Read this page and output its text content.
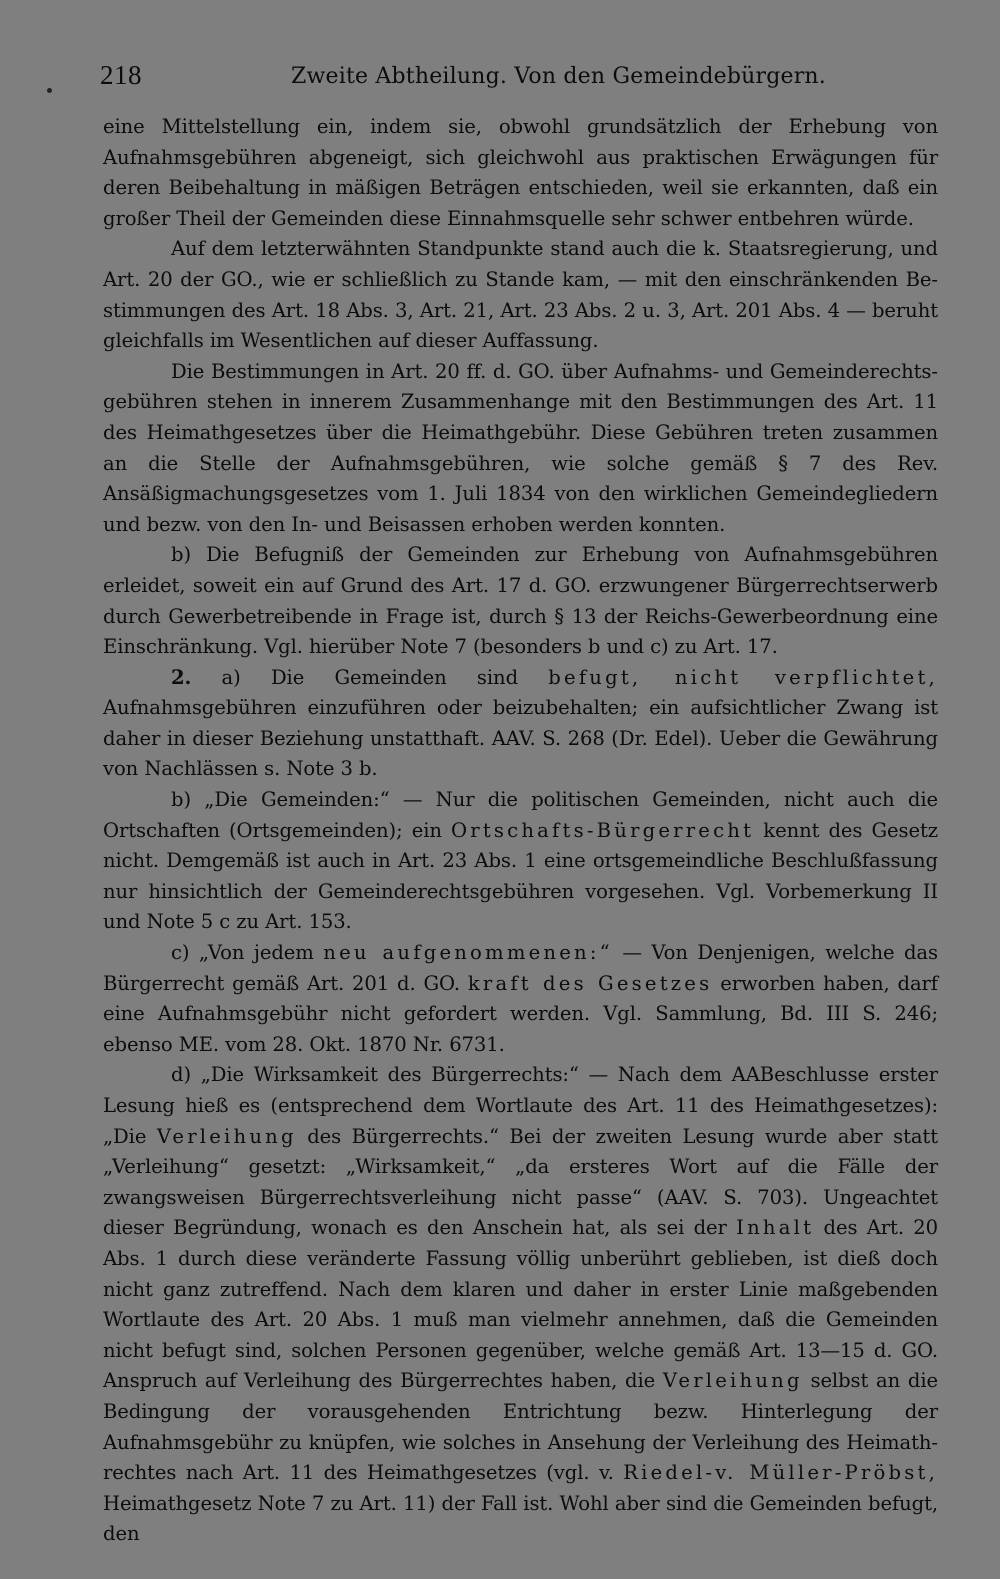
218	Zweite Abtheilung. Von den Gemeindebürgern.

eine Mittelstellung ein, indem sie, obwohl grundsätzlich der Erhebung von Aufnahmsgebühren abgeneigt, sich gleichwohl aus praktischen Erwägungen für deren Beibehaltung in mäßigen Beträgen entschieden, weil sie erkannten, daß ein großer Theil der Gemeinden diese Einnahmsquelle sehr schwer entbehren würde.

Auf dem letzterwähnten Standpunkte stand auch die k. Staatsregierung, und Art. 20 der GO., wie er schließlich zu Stande kam, — mit den einschränkenden Bestimmungen des Art. 18 Abs. 3, Art. 21, Art. 23 Abs. 2 u. 3, Art. 201 Abs. 4 — beruht gleichfalls im Wesentlichen auf dieser Auffassung.

Die Bestimmungen in Art. 20 ff. d. GO. über Aufnahms- und Gemeinderechtsgebühren stehen in innerem Zusammenhange mit den Bestimmungen des Art. 11 des Heimathgesetzes über die Heimathgebühr. Diese Gebühren treten zusammen an die Stelle der Aufnahmsgebühren, wie solche gemäß § 7 des Rev. Ansäßigmachungsgesetzes vom 1. Juli 1834 von den wirklichen Gemeindegliedern und bezw. von den In- und Beisassen erhoben werden konnten.

b) Die Befugniß der Gemeinden zur Erhebung von Aufnahmsgebühren erleidet, soweit ein auf Grund des Art. 17 d. GO. erzwungener Bürgerrechtserwerb durch Gewerbetreibende in Frage ist, durch § 13 der Reichs-Gewerbeordnung eine Einschränkung. Vgl. hierüber Note 7 (besonders b und c) zu Art. 17.

2. a) Die Gemeinden sind befugt, nicht verpflichtet, Aufnahmsgebühren einzuführen oder beizubehalten; ein aufsichtlicher Zwang ist daher in dieser Beziehung unstatthaft. AAV. S. 268 (Dr. Edel). Ueber die Gewährung von Nachlässen s. Note 3 b.

b) „Die Gemeinden:“ — Nur die politischen Gemeinden, nicht auch die Ortschaften (Ortsgemeinden); ein Ortschafts-Bürgerrecht kennt des Gesetz nicht. Demgemäß ist auch in Art. 23 Abs. 1 eine ortsgemeindliche Beschlußfassung nur hinsichtlich der Gemeinderechtsgebühren vorgesehen. Vgl. Vorbemerkung II und Note 5 c zu Art. 153.

c) „Von jedem neu aufgenommenen:“ — Von Denjenigen, welche das Bürgerrecht gemäß Art. 201 d. GO. kraft des Gesetzes erworben haben, darf eine Aufnahmsgebühr nicht gefordert werden. Vgl. Sammlung, Bd. III S. 246; ebenso ME. vom 28. Okt. 1870 Nr. 6731.

d) „Die Wirksamkeit des Bürgerrechts:“ — Nach dem AABeschlusse erster Lesung hieß es (entsprechend dem Wortlaute des Art. 11 des Heimathgesetzes): „Die Verleihung des Bürgerrechts.“ Bei der zweiten Lesung wurde aber statt „Verleihung“ gesetzt: „Wirksamkeit,“ „da ersteres Wort auf die Fälle der zwangsweisen Bürgerrechtsverleihung nicht passe“ (AAV. S. 703). Ungeachtet dieser Begründung, wonach es den Anschein hat, als sei der Inhalt des Art. 20 Abs. 1 durch diese veränderte Fassung völlig unberührt geblieben, ist dieß doch nicht ganz zutreffend. Nach dem klaren und daher in erster Linie maßgebenden Wortlaute des Art. 20 Abs. 1 muß man vielmehr annehmen, daß die Gemeinden nicht befugt sind, solchen Personen gegenüber, welche gemäß Art. 13—15 d. GO. Anspruch auf Verleihung des Bürgerrechtes haben, die Verleihung selbst an die Bedingung der vorausgehenden Entrichtung bezw. Hinterlegung der Aufnahmsgebühr zu knüpfen, wie solches in Ansehung der Verleihung des Heimathrechtes nach Art. 11 des Heimathgesetzes (vgl. v. Riedel-v. Müller-Pröbst, Heimathgesetz Note 7 zu Art. 11) der Fall ist. Wohl aber sind die Gemeinden befugt, den
